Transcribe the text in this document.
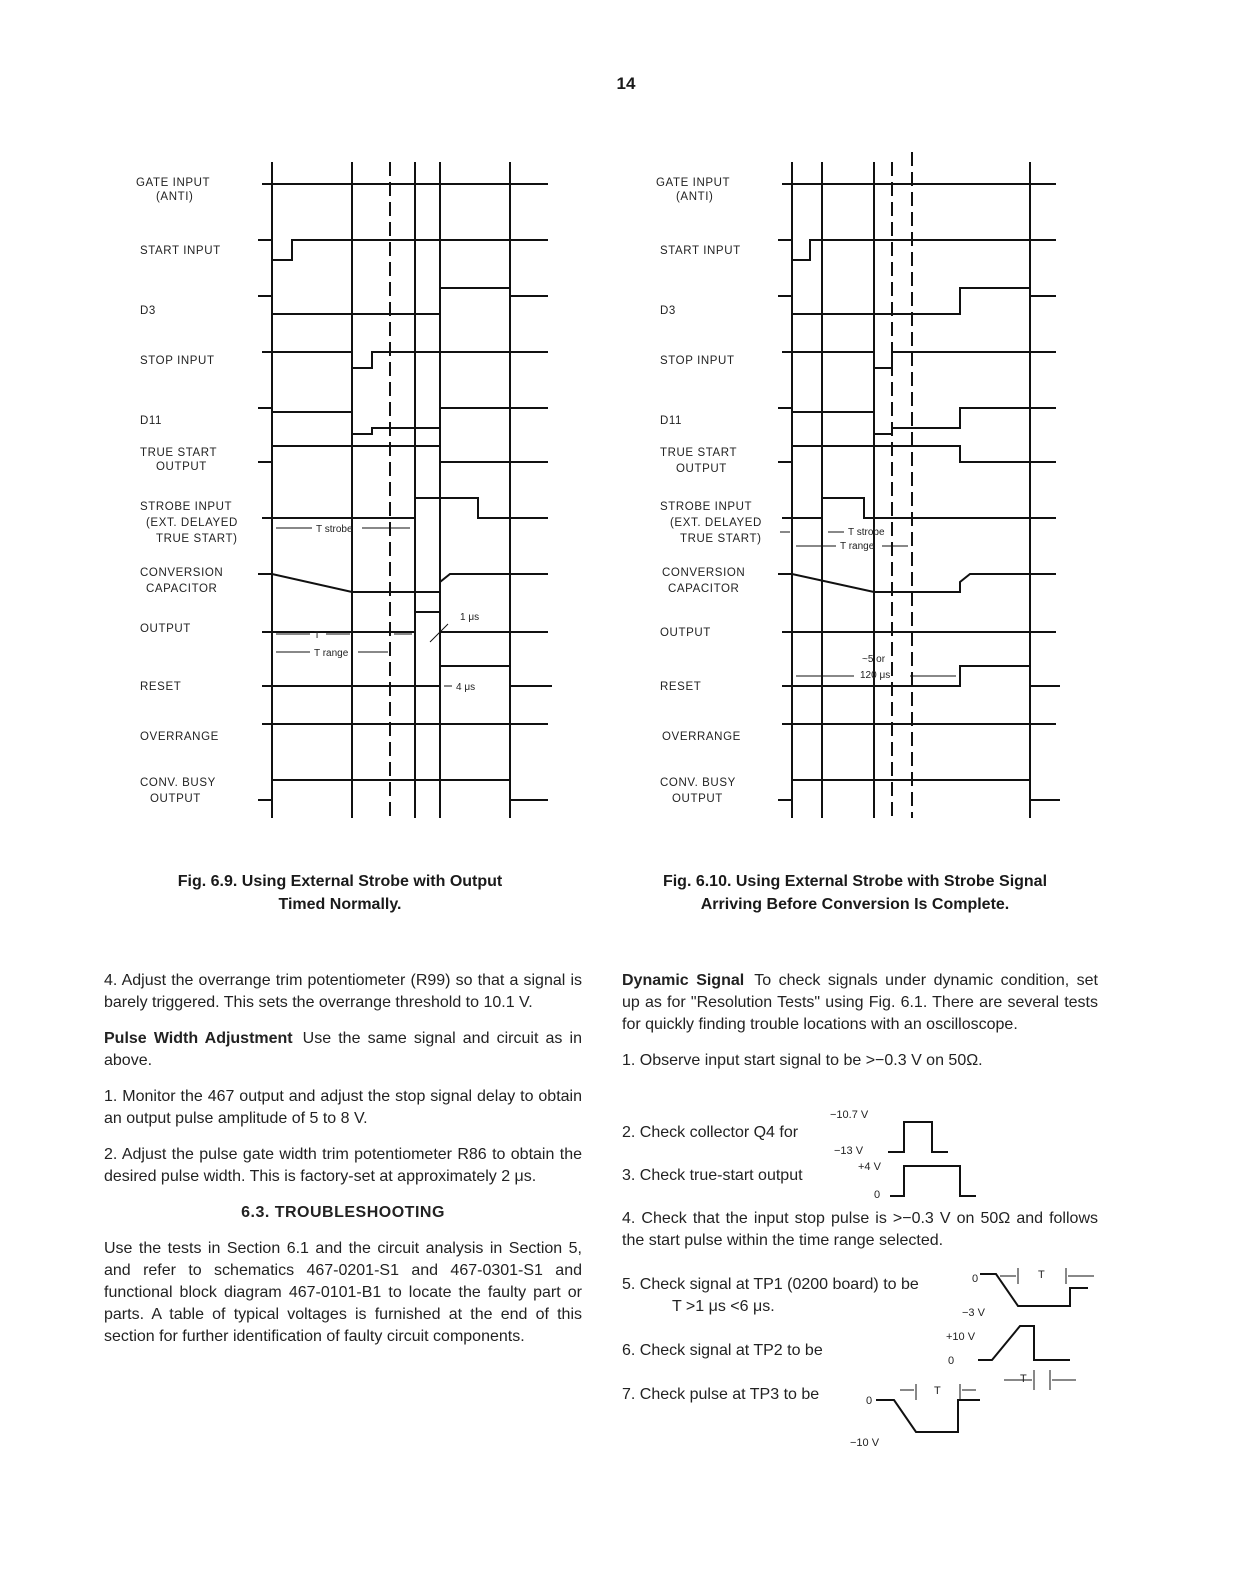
14
T strobe
T
T range
1 μs
4 μs
GATE INPUT
(ANTI)
START INPUT
D3
STOP INPUT
D11
TRUE START
OUTPUT
STROBE INPUT
(EXT. DELAYED
TRUE START)
CONVERSION
CAPACITOR
OUTPUT
RESET
OVERRANGE
CONV. BUSY
OUTPUT
T strobe
T range
~5 or
120 μs
GATE INPUT
(ANTI)
START INPUT
D3
STOP INPUT
D11
TRUE START
OUTPUT
STROBE INPUT
(EXT. DELAYED
TRUE START)
CONVERSION
CAPACITOR
OUTPUT
RESET
OVERRANGE
CONV. BUSY
OUTPUT
Fig. 6.9. Using External Strobe with Output
Timed Normally.
Fig. 6.10. Using External Strobe with Strobe Signal
Arriving Before Conversion Is Complete.

4. Adjust the overrange trim potentiometer (R99) so that a signal is barely triggered. This sets the overrange threshold to 10.1 V.

Pulse Width Adjustment Use the same signal and circuit as in above.

1. Monitor the 467 output and adjust the stop signal delay to obtain an output pulse amplitude of 5 to 8 V.

2. Adjust the pulse gate width trim potentiometer R86 to obtain the desired pulse width. This is factory-set at approximately 2 μs.

6.3. TROUBLESHOOTING

Use the tests in Section 6.1 and the circuit analysis in Section 5, and refer to schematics 467-0201-S1 and 467-0301-S1 and functional block diagram 467-0101-B1 to locate the faulty part or parts. A table of typical voltages is furnished at the end of this section for further identification of faulty circuit components.

Dynamic Signal To check signals under dynamic condition, set up as for "Resolution Tests" using Fig. 6.1. There are several tests for quickly finding trouble locations with an oscilloscope.

1. Observe input start signal to be >−0.3 V on 50Ω.
2. Check collector Q4 for
3. Check true-start output
4. Check that the input stop pulse is >−0.3 V on 50Ω and follows the start pulse within the time range selected.
5. Check signal at TP1 (0200 board) to be
T >1 μs <6 μs.
6. Check signal at TP2 to be
7. Check pulse at TP3 to be
−10.7 V
−13 V
+4 V
0
0
−3 V
T
+10 V
0
T
0
−10 V
T
